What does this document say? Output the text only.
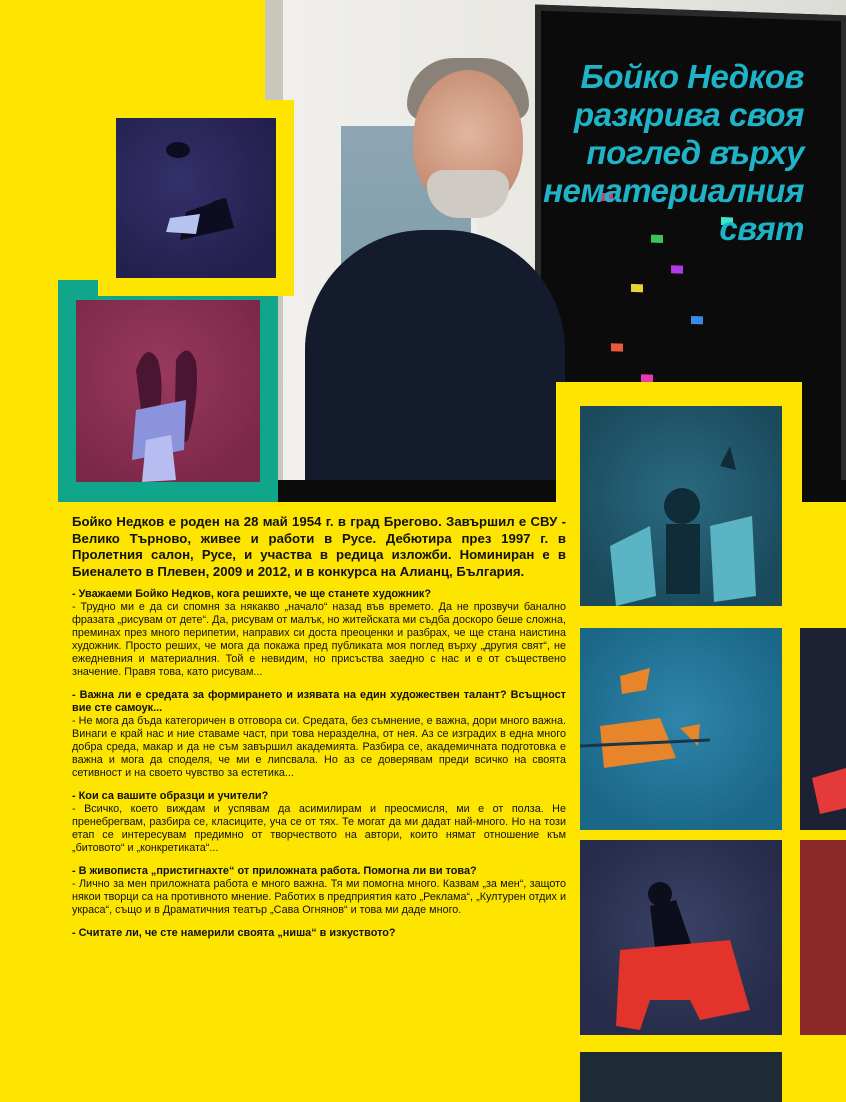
Бойко Недков
разкрива своя
поглед върху
нематериалния
свят

Бойко Недков е роден на 28 май 1954 г. в град Брегово. Завършил е СВУ - Велико Търново, живее и работи в Русе. Дебютира през 1997 г. в Пролетния салон, Русе, и участва в редица изложби. Номиниран е в Биеналето в Плевен, 2009 и 2012, и в конкурса на Алианц, България.

- Уважаеми Бойко Недков, кога решихте, че ще станете художник?

- Трудно ми е да си спомня за някакво „начало“ назад във времето. Да не прозвучи банално фразата „рисувам от дете“. Да, рисувам от малък, но житейската ми съдба доскоро беше сложна, преминах през много перипетии, направих си доста преоценки и разбрах, че ще стана наистина художник. Просто реших, че мога да покажа пред публиката моя поглед върху „другия свят“, не ежедневния и материалния. Той е невидим, но присъства заедно с нас и е от съществено значение. Правя това, като рисувам...

- Важна ли е средата за формирането и изявата на един художествен талант? Всъщност вие сте самоук...

- Не мога да бъда категоричен в отговора си. Средата, без съмнение, е важна, дори много важна. Винаги е край нас и ние ставаме част, при това неразделна, от нея. Аз се изградих в една много добра среда, макар и да не съм завършил академията. Разбира се, академичната подготовка е важна и мога да споделя, че ми е липсвала. Но аз се доверявам преди всичко на своята сетивност и на своето чувство за естетика...

- Кои са вашите образци и учители?

- Всичко, което виждам и успявам да асимилирам и преосмисля, ми е от полза. Не пренебрегвам, разбира се, класиците, уча се от тях. Те могат да ми дадат най-много. Но на този етап се интересувам предимно от творчеството на автори, които нямат отношение към „битовото“ и „конкретиката“...

- В живописта „пристигнахте“ от приложната работа. Помогна ли ви това?

- Лично за мен приложната работа е много важна. Тя ми помогна много. Казвам „за мен“, защото някои творци са на противното мнение. Работих в предприятия като „Реклама“, „Културен отдих и украса“, също и в Драматичния театър „Сава Огнянов“ и това ми даде много.

- Считате ли, че сте намерили своята „ниша“ в изкуството?
